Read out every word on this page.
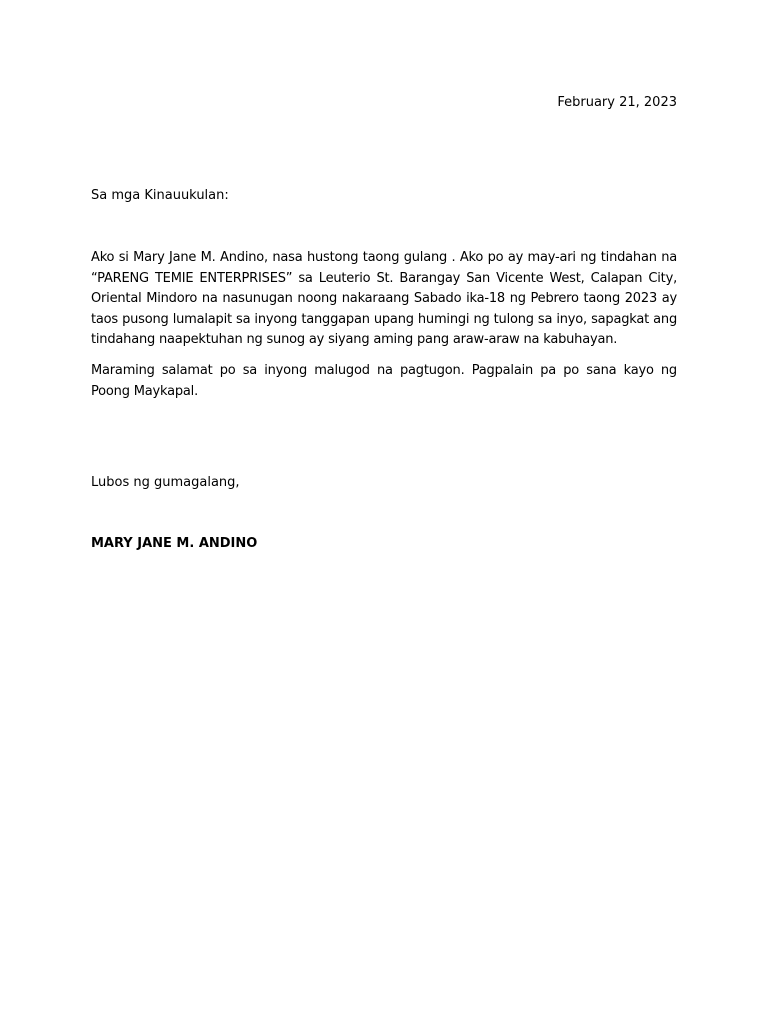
February 21, 2023
Sa mga Kinauukulan:

Ako si Mary Jane M. Andino, nasa hustong taong gulang . Ako po ay may-ari ng tindahan na “PARENG TEMIE ENTERPRISES” sa Leuterio St. Barangay San Vicente West, Calapan City, Oriental Mindoro na nasunugan noong nakaraang Sabado ika-18 ng Pebrero taong 2023 ay taos pusong lumalapit sa inyong tanggapan upang humingi ng tulong sa inyo, sapagkat ang tindahang naapektuhan ng sunog ay siyang aming pang araw-araw na kabuhayan.

Maraming salamat po sa inyong malugod na pagtugon. Pagpalain pa po sana kayo ng Poong Maykapal.

Lubos ng gumagalang,
MARY JANE M. ANDINO
